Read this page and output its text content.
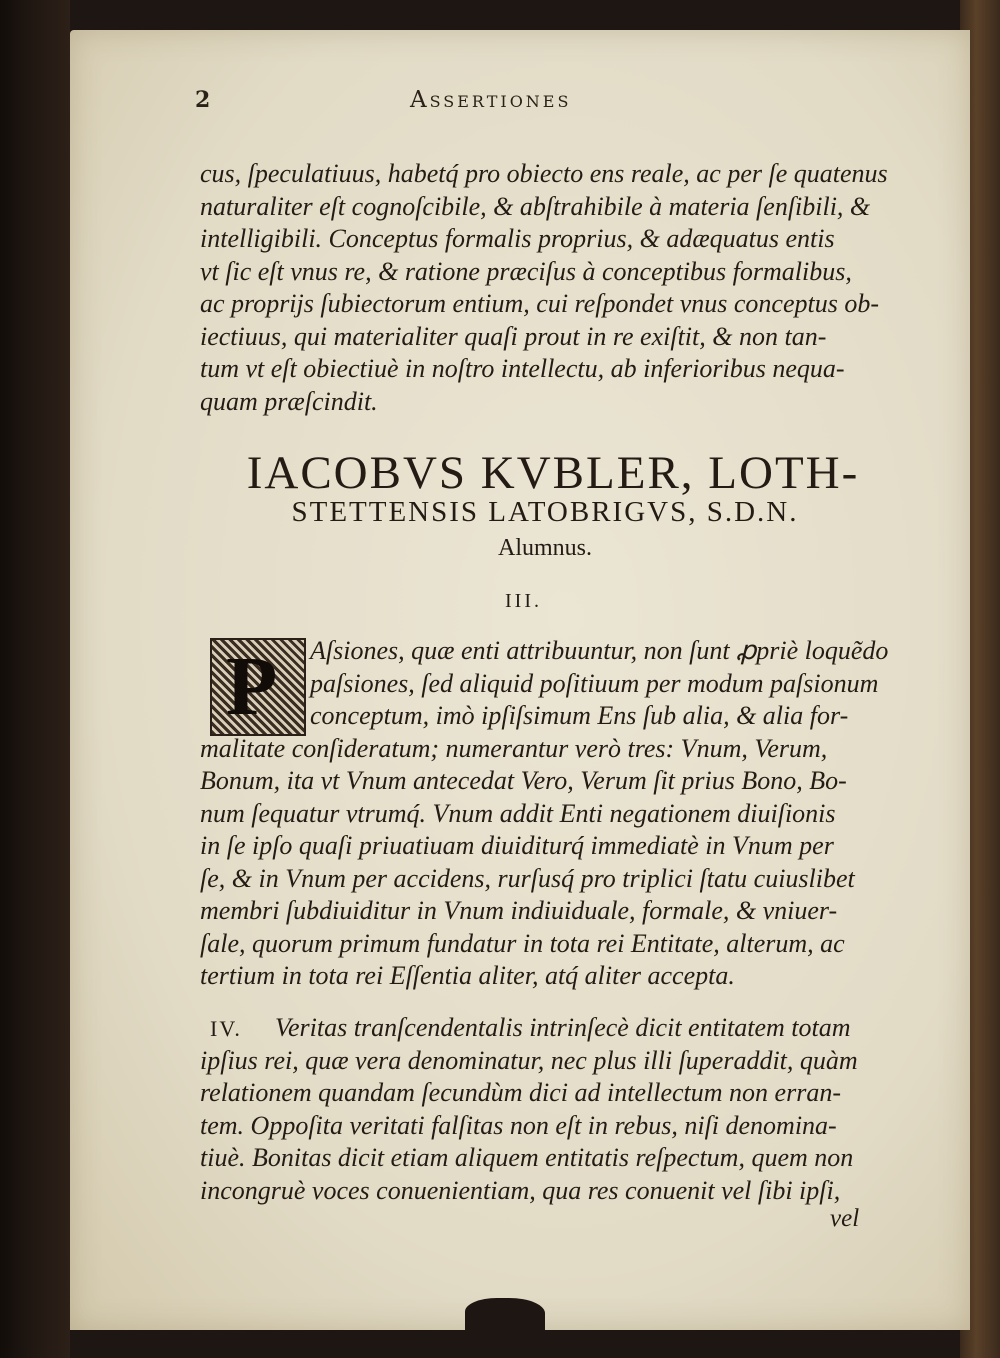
2	Assertiones
cus, ſpeculatiuus, habetq́ pro obiecto ens reale, ac per ſe quatenus
naturaliter eſt cognoſcibile, & abſtrahibile à materia ſenſibili, &
intelligibili. Conceptus formalis proprius, & adæquatus entis
vt ſic eſt vnus re, & ratione præciſus à conceptibus formalibus,
ac proprijs ſubiectorum entium, cui reſpondet vnus conceptus ob-
iectiuus, qui materialiter quaſi prout in re exiſtit, & non tan-
tum vt eſt obiectiuè in noſtro intellectu, ab inferioribus nequa-
quam præſcindit.
IACOBVS KVBLER, LOTH-
STETTENSIS LATOBRIGVS, S.D.N.
Alumnus.
III.
P	Aſsiones, quæ enti attribuuntur, non ſunt ꝓpriè loquẽdo
paſsiones, ſed aliquid poſitiuum per modum paſsionum
conceptum, imò ipſiſsimum Ens ſub alia, & alia for-
malitate conſideratum; numerantur verò tres: Vnum, Verum,
Bonum, ita vt Vnum antecedat Vero, Verum ſit prius Bono, Bo-
num ſequatur vtrumq́. Vnum addit Enti negationem diuiſionis
in ſe ipſo quaſi priuatiuam diuiditurq́ immediatè in Vnum per
ſe, & in Vnum per accidens, rurſusq́ pro triplici ſtatu cuiuslibet
membri ſubdiuiditur in Vnum indiuiduale, formale, & vniuer-
ſale, quorum primum fundatur in tota rei Entitate, alterum, ac
tertium in tota rei Eſſentia aliter, atq́ aliter accepta.
IV.	Veritas tranſcendentalis intrinſecè dicit entitatem totam
ipſius rei, quæ vera denominatur, nec plus illi ſuperaddit, quàm
relationem quandam ſecundùm dici ad intellectum non erran-
tem. Oppoſita veritati falſitas non eſt in rebus, niſi denomina-
tiuè. Bonitas dicit etiam aliquem entitatis reſpectum, quem non
incongruè voces conuenientiam, qua res conuenit vel ſibi ipſi,
vel
